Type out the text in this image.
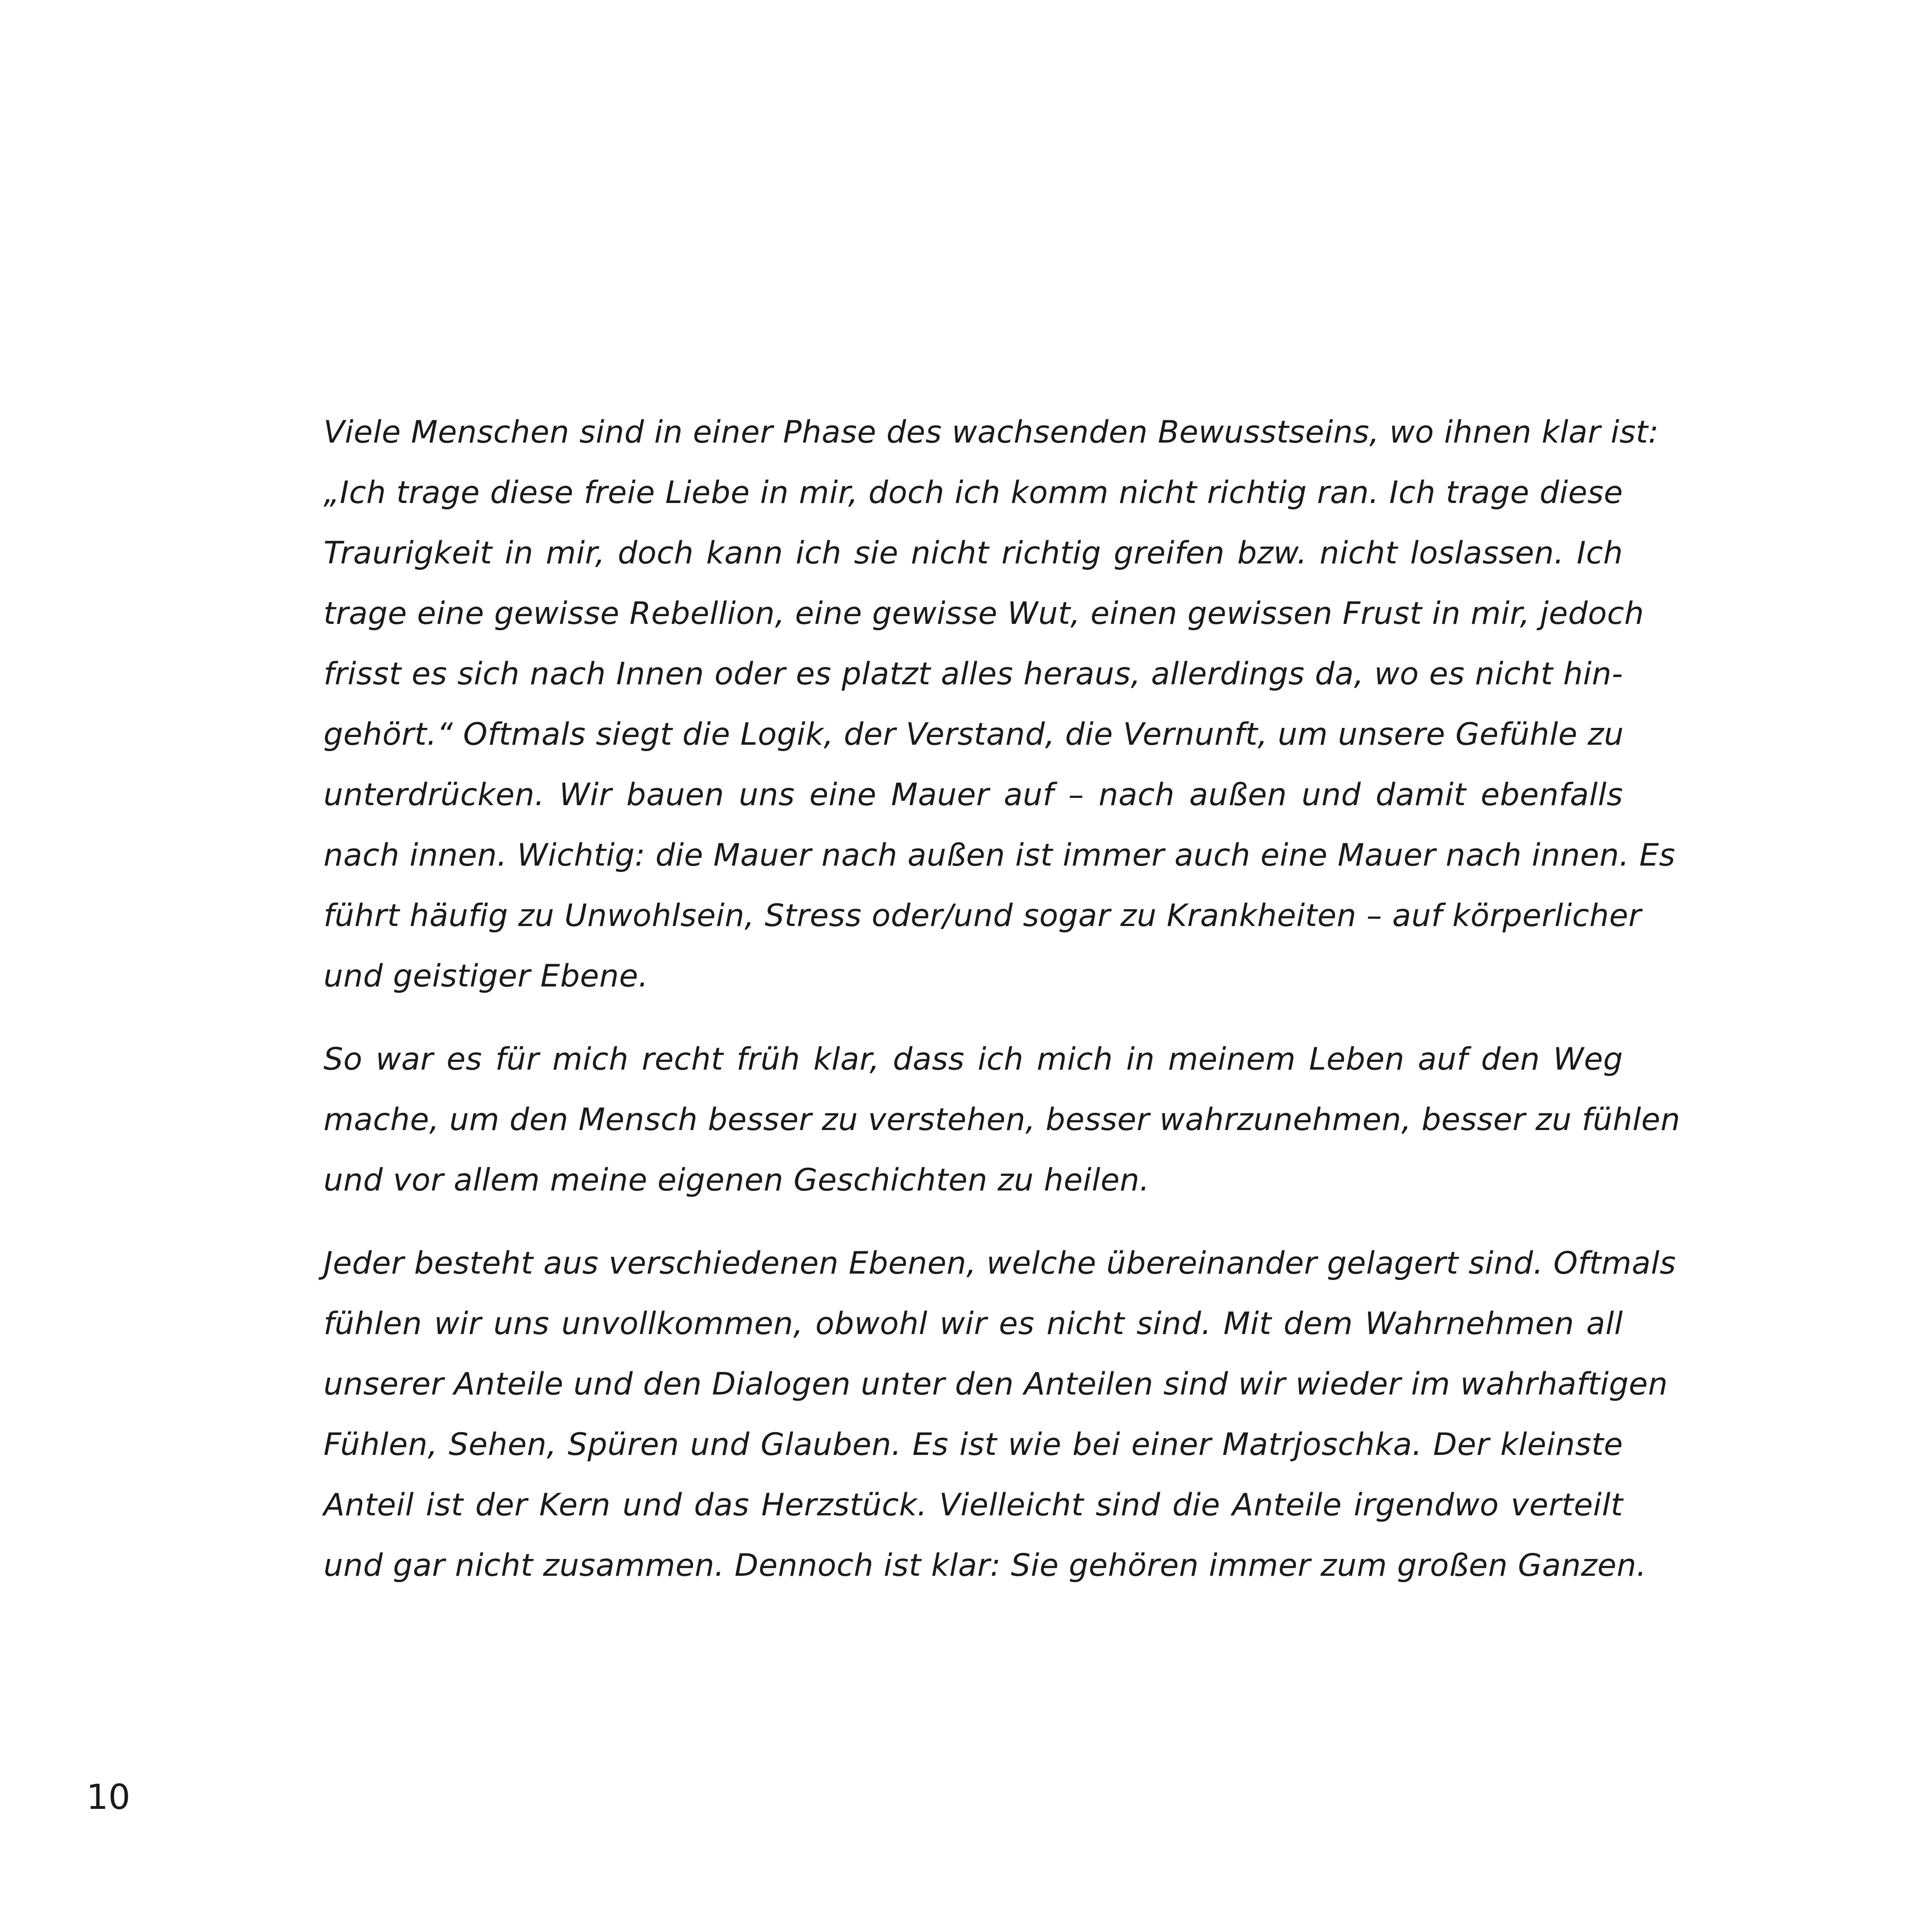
Viele Menschen sind in einer Phase des wachsenden Bewusstseins, wo ihnen klar ist:
„Ich trage diese freie Liebe in mir, doch ich komm nicht richtig ran. Ich trage diese
Traurigkeit in mir, doch kann ich sie nicht richtig greifen bzw. nicht loslassen. Ich
trage eine gewisse Rebellion, eine gewisse Wut, einen gewissen Frust in mir, jedoch
frisst es sich nach Innen oder es platzt alles heraus, allerdings da, wo es nicht hin-
gehört.“ Oftmals siegt die Logik, der Verstand, die Vernunft, um unsere Gefühle zu
unterdrücken. Wir bauen uns eine Mauer auf – nach außen und damit ebenfalls
nach innen. Wichtig: die Mauer nach außen ist immer auch eine Mauer nach innen. Es
führt häufig zu Unwohlsein, Stress oder/und sogar zu Krankheiten – auf körperlicher
und geistiger Ebene.
So war es für mich recht früh klar, dass ich mich in meinem Leben auf den Weg
mache, um den Mensch besser zu verstehen, besser wahrzunehmen, besser zu fühlen
und vor allem meine eigenen Geschichten zu heilen.
Jeder besteht aus verschiedenen Ebenen, welche übereinander gelagert sind. Oftmals
fühlen wir uns unvollkommen, obwohl wir es nicht sind. Mit dem Wahrnehmen all
unserer Anteile und den Dialogen unter den Anteilen sind wir wieder im wahrhaftigen
Fühlen, Sehen, Spüren und Glauben. Es ist wie bei einer Matrjoschka. Der kleinste
Anteil ist der Kern und das Herzstück. Vielleicht sind die Anteile irgendwo verteilt
und gar nicht zusammen. Dennoch ist klar: Sie gehören immer zum großen Ganzen.
10
